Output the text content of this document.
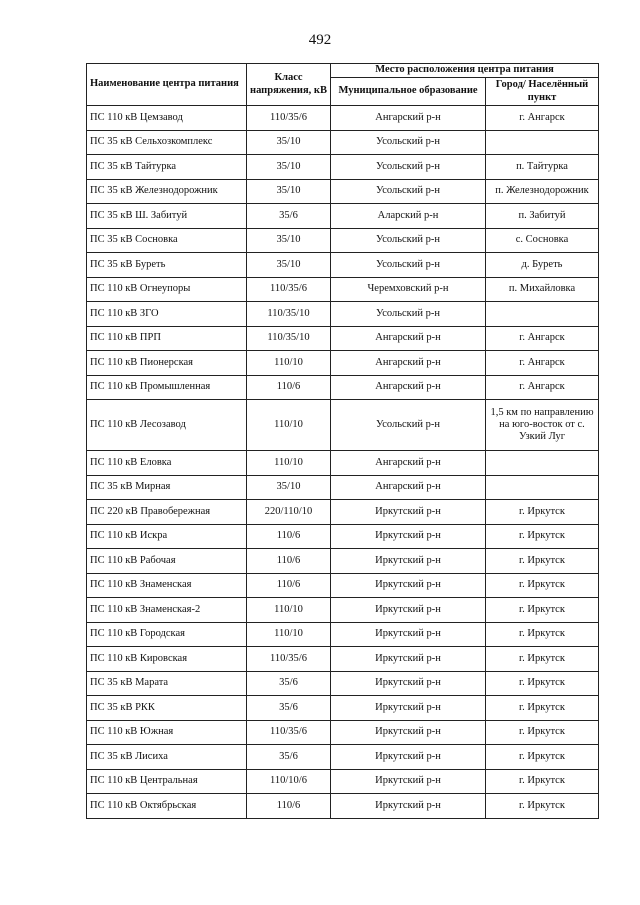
492
Наименование центра питания	Класс напряжения, кВ	Место расположения центра питания	
		Муниципальное образование	Город/ Населённый пункт
ПС 110 кВ Цемзавод	110/35/6	Ангарский р-н	г. Ангарск
ПС 35 кВ Сельхозкомплекс	35/10	Усольский р-н	
ПС 35 кВ Тайтурка	35/10	Усольский р-н	п. Тайтурка
ПС 35 кВ Железнодорожник	35/10	Усольский р-н	п. Железнодорожник
ПС 35 кВ Ш. Забитуй	35/6	Аларский р-н	п. Забитуй
ПС 35 кВ Сосновка	35/10	Усольский р-н	с. Сосновка
ПС 35 кВ Буреть	35/10	Усольский р-н	д. Буреть
ПС 110 кВ Огнеупоры	110/35/6	Черемховский р-н	п. Михайловка
ПС 110 кВ ЗГО	110/35/10	Усольский р-н	
ПС 110 кВ ПРП	110/35/10	Ангарский р-н	г. Ангарск
ПС 110 кВ Пионерская	110/10	Ангарский р-н	г. Ангарск
ПС 110 кВ Промышленная	110/6	Ангарский р-н	г. Ангарск
ПС 110 кВ Лесозавод	110/10	Усольский р-н	1,5 км по направлению на юго-восток от с. Узкий Луг
ПС 110 кВ Еловка	110/10	Ангарский р-н	
ПС 35 кВ Мирная	35/10	Ангарский р-н	
ПС 220 кВ Правобережная	220/110/10	Иркутский р-н	г. Иркутск
ПС 110 кВ Искра	110/6	Иркутский р-н	г. Иркутск
ПС 110 кВ Рабочая	110/6	Иркутский р-н	г. Иркутск
ПС 110 кВ Знаменская	110/6	Иркутский р-н	г. Иркутск
ПС 110 кВ Знаменская-2	110/10	Иркутский р-н	г. Иркутск
ПС 110 кВ Городская	110/10	Иркутский р-н	г. Иркутск
ПС 110 кВ Кировская	110/35/6	Иркутский р-н	г. Иркутск
ПС 35 кВ Марата	35/6	Иркутский р-н	г. Иркутск
ПС 35 кВ РКК	35/6	Иркутский р-н	г. Иркутск
ПС 110 кВ Южная	110/35/6	Иркутский р-н	г. Иркутск
ПС 35 кВ Лисиха	35/6	Иркутский р-н	г. Иркутск
ПС 110 кВ Центральная	110/10/6	Иркутский р-н	г. Иркутск
ПС 110 кВ Октябрьская	110/6	Иркутский р-н	г. Иркутск
